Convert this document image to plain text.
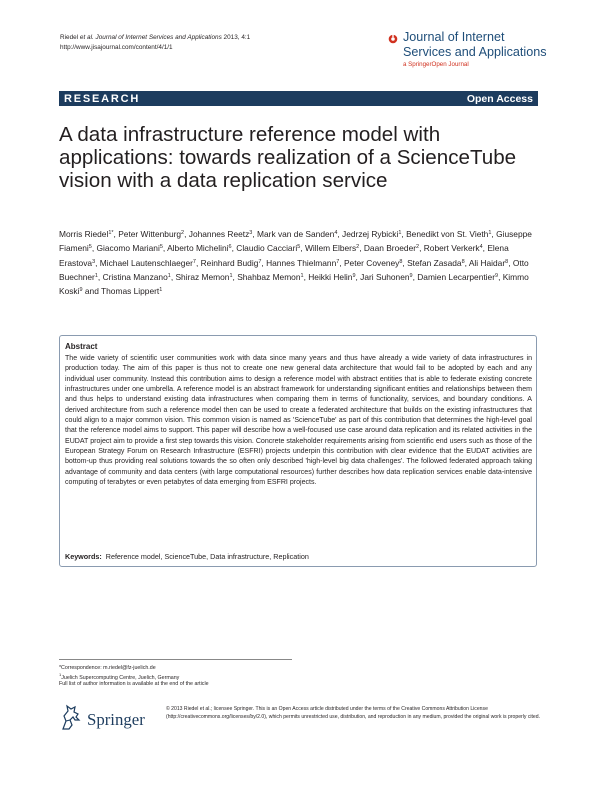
Riedel et al. Journal of Internet Services and Applications 2013, 4:1
http://www.jisajournal.com/content/4/1/1
Journal of Internet
Services and Applications
a SpringerOpen Journal
RESEARCH	Open Access
A data infrastructure reference model with applications: towards realization of a ScienceTube vision with a data replication service
Morris Riedel$^{1*}$, Peter Wittenburg$^2$, Johannes Reetz$^3$, Mark van de Sanden$^4$, Jedrzej Rybicki$^1$, Benedikt von St. Vieth$^1$, Giuseppe Fiameni$^5$, Giacomo Mariani$^5$, Alberto Michelini$^6$, Claudio Cacciari$^5$, Willem Elbers$^2$, Daan Broeder$^2$, Robert Verkerk$^4$, Elena Erastova$^3$, Michael Lautenschlaeger$^7$, Reinhard Budig$^7$, Hannes Thielmann$^7$, Peter Coveney$^8$, Stefan Zasada$^8$, Ali Haidar$^8$, Otto Buechner$^1$, Cristina Manzano$^1$, Shiraz Memon$^1$, Shahbaz Memon$^1$, Heikki Helin$^9$, Jari Suhonen$^9$, Damien Lecarpentier$^9$, Kimmo Koski$^9$ and Thomas Lippert$^1$
Abstract
The wide variety of scientific user communities work with data since many years and thus have already a wide variety of data infrastructures in production today. The aim of this paper is thus not to create one new general data architecture that would fail to be adopted by each and any individual user community. Instead this contribution aims to design a reference model with abstract entities that is able to federate existing concrete infrastructures under one umbrella. A reference model is an abstract framework for understanding significant entities and relationships between them and thus helps to understand existing data infrastructures when comparing them in terms of functionality, services, and boundary conditions. A derived architecture from such a reference model then can be used to create a federated architecture that builds on the existing infrastructures that could align to a major common vision. This common vision is named as 'ScienceTube' as part of this contribution that determines the high-level goal that the reference model aims to support. This paper will describe how a well-focused use case around data replication and its related activities in the EUDAT project aim to provide a first step towards this vision. Concrete stakeholder requirements arising from scientific end users such as those of the European Strategy Forum on Research Infrastructure (ESFRI) projects underpin this contribution with clear evidence that the EUDAT activities are bottom-up thus providing real solutions towards the so often only described 'high-level big data challenges'. The followed federated approach taking advantage of community and data centers (with large computational resources) further describes how data replication services enable data-intensive computing of terabytes or even petabytes of data emerging from ESFRI projects.
Keywords: Reference model, ScienceTube, Data infrastructure, Replication
*Correspondence: m.riedel@fz-juelich.de
$^1$Juelich Supercomputing Centre, Juelich, Germany
Full list of author information is available at the end of the article
Springer
© 2013 Riedel et al.; licensee Springer. This is an Open Access article distributed under the terms of the Creative Commons Attribution License (http://creativecommons.org/licenses/by/2.0), which permits unrestricted use, distribution, and reproduction in any medium, provided the original work is properly cited.
